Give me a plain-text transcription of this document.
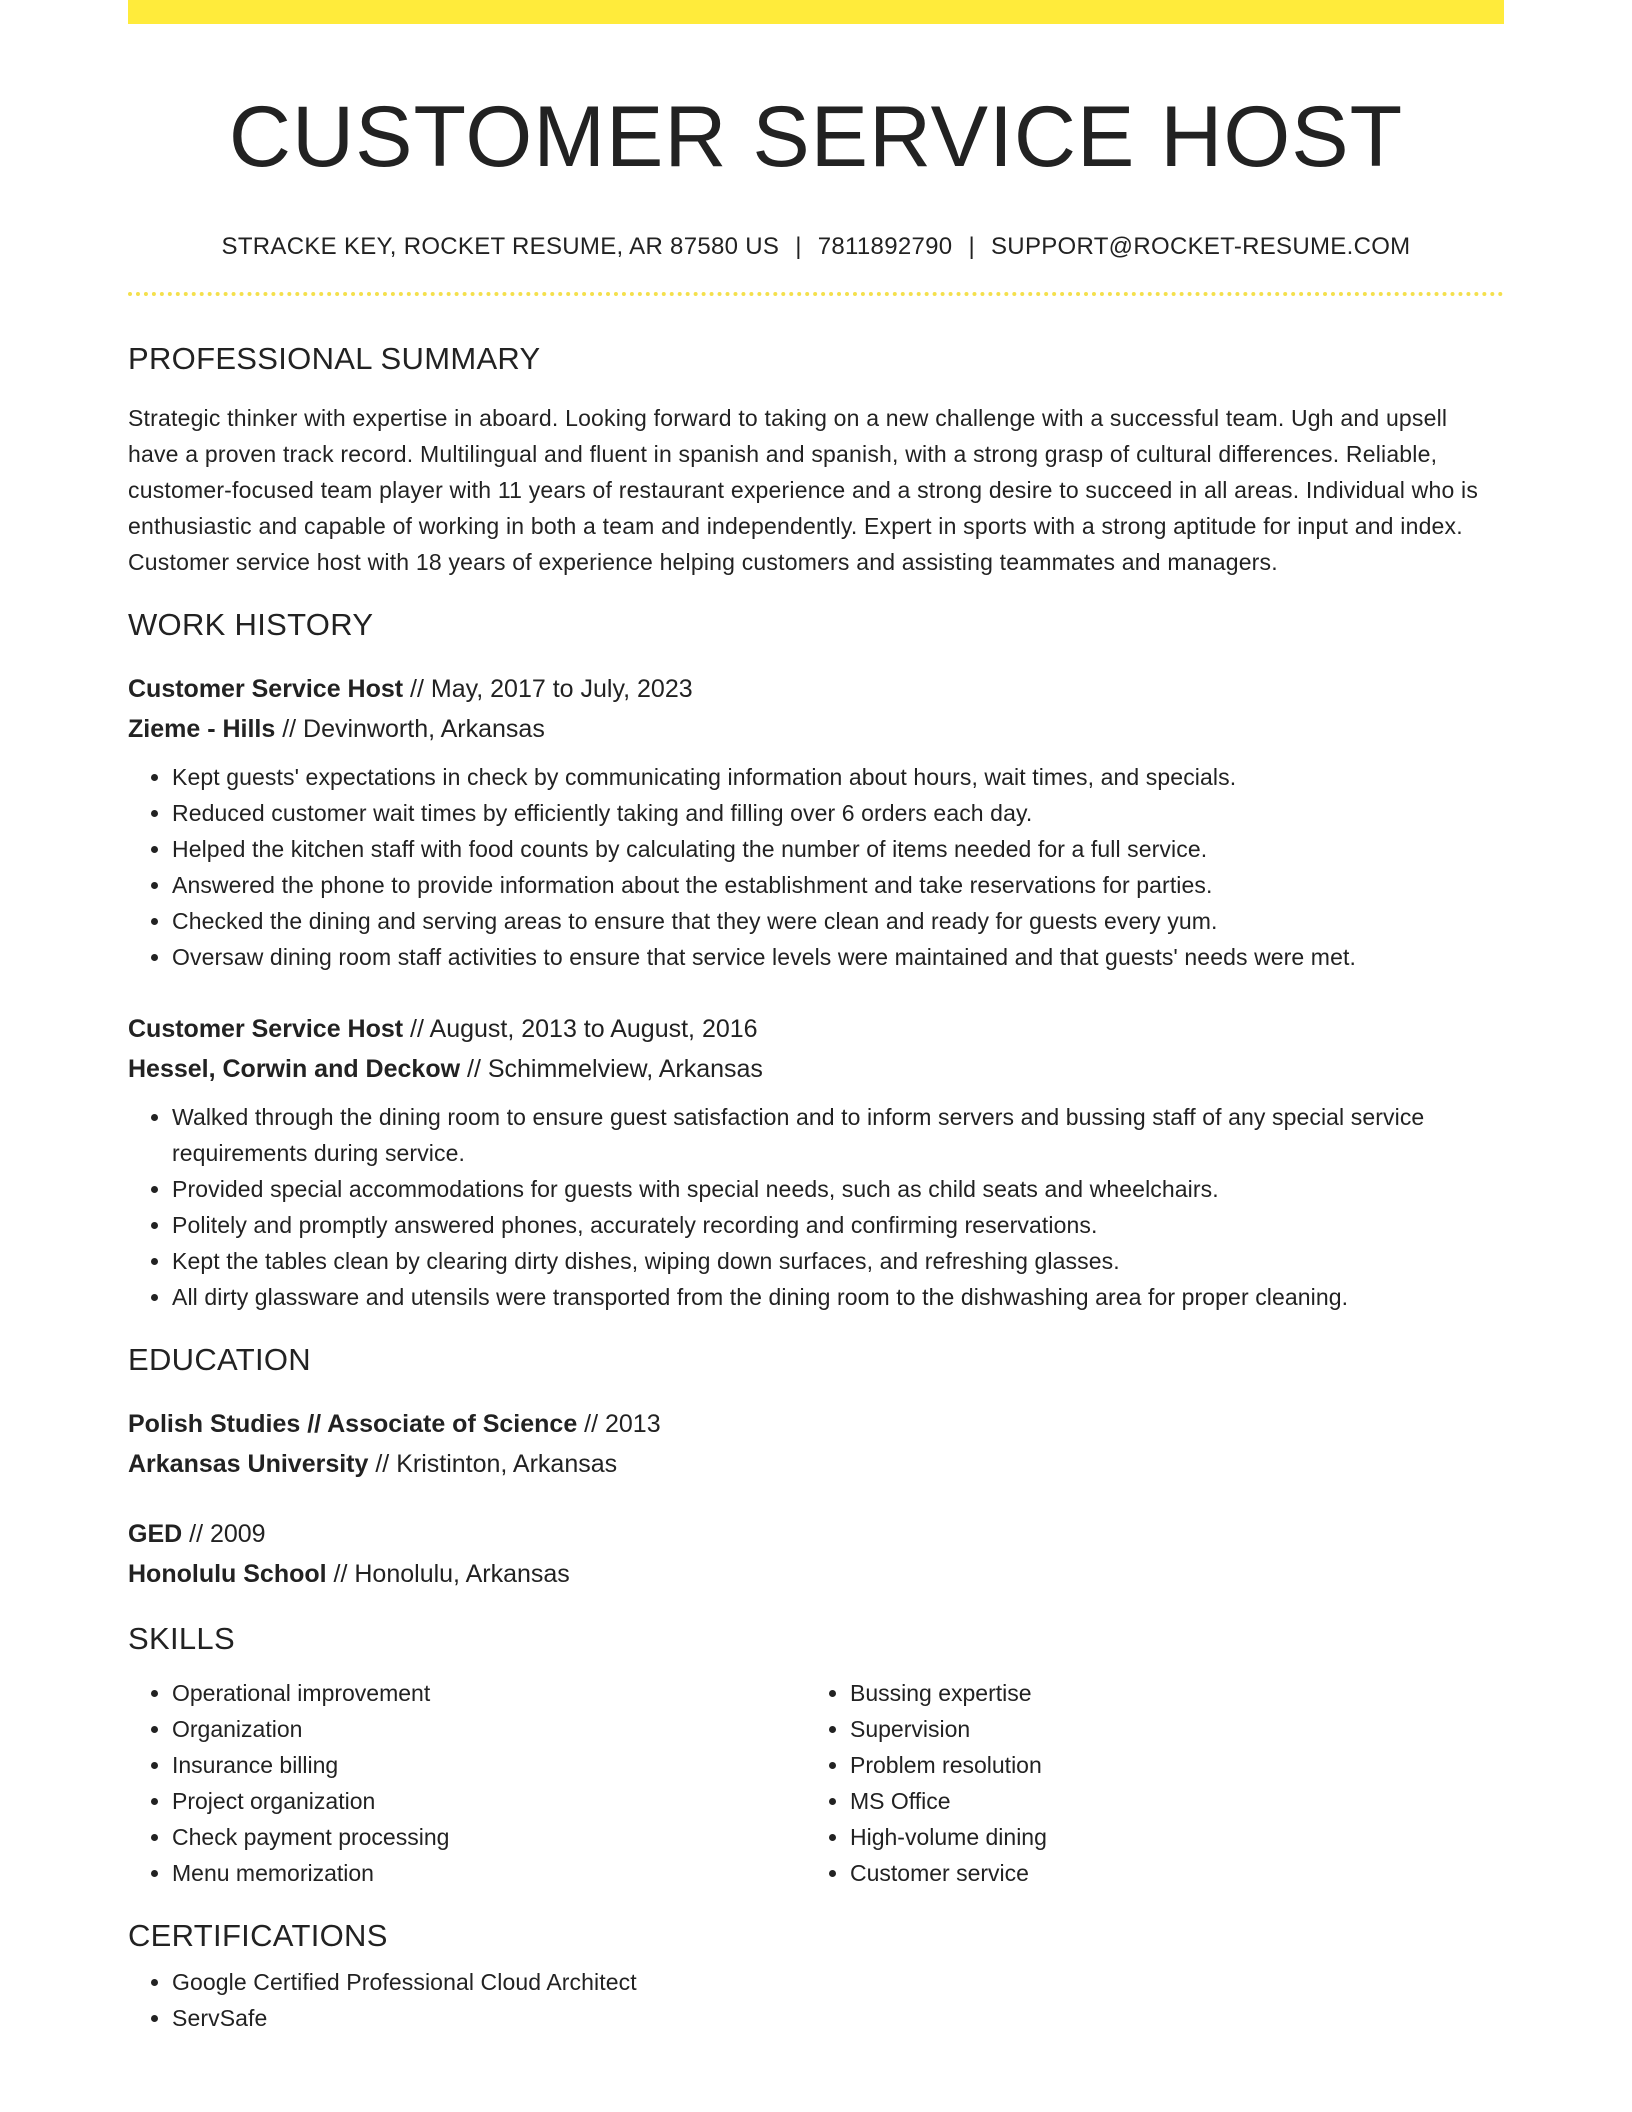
CUSTOMER SERVICE HOST
STRACKE KEY, ROCKET RESUME, AR 87580 US | 7811892790 | SUPPORT@ROCKET-RESUME.COM
PROFESSIONAL SUMMARY

Strategic thinker with expertise in aboard. Looking forward to taking on a new challenge with a successful team. Ugh and upsell have a proven track record. Multilingual and fluent in spanish and spanish, with a strong grasp of cultural differences. Reliable, customer-focused team player with 11 years of restaurant experience and a strong desire to succeed in all areas. Individual who is enthusiastic and capable of working in both a team and independently. Expert in sports with a strong aptitude for input and index. Customer service host with 18 years of experience helping customers and assisting teammates and managers.

WORK HISTORY
Customer Service Host // May, 2017 to July, 2023
Zieme - Hills // Devinworth, Arkansas
• Kept guests' expectations in check by communicating information about hours, wait times, and specials.
• Reduced customer wait times by efficiently taking and filling over 6 orders each day.
• Helped the kitchen staff with food counts by calculating the number of items needed for a full service.
• Answered the phone to provide information about the establishment and take reservations for parties.
• Checked the dining and serving areas to ensure that they were clean and ready for guests every yum.
• Oversaw dining room staff activities to ensure that service levels were maintained and that guests' needs were met.
Customer Service Host // August, 2013 to August, 2016
Hessel, Corwin and Deckow // Schimmelview, Arkansas
• Walked through the dining room to ensure guest satisfaction and to inform servers and bussing staff of any special service requirements during service.
• Provided special accommodations for guests with special needs, such as child seats and wheelchairs.
• Politely and promptly answered phones, accurately recording and confirming reservations.
• Kept the tables clean by clearing dirty dishes, wiping down surfaces, and refreshing glasses.
• All dirty glassware and utensils were transported from the dining room to the dishwashing area for proper cleaning.
EDUCATION
Polish Studies // Associate of Science // 2013
Arkansas University // Kristinton, Arkansas
GED // 2009
Honolulu School // Honolulu, Arkansas
SKILLS
• Operational improvement
• Organization
• Insurance billing
• Project organization
• Check payment processing
• Menu memorization
• Bussing expertise
• Supervision
• Problem resolution
• MS Office
• High-volume dining
• Customer service
CERTIFICATIONS
• Google Certified Professional Cloud Architect
• ServSafe
